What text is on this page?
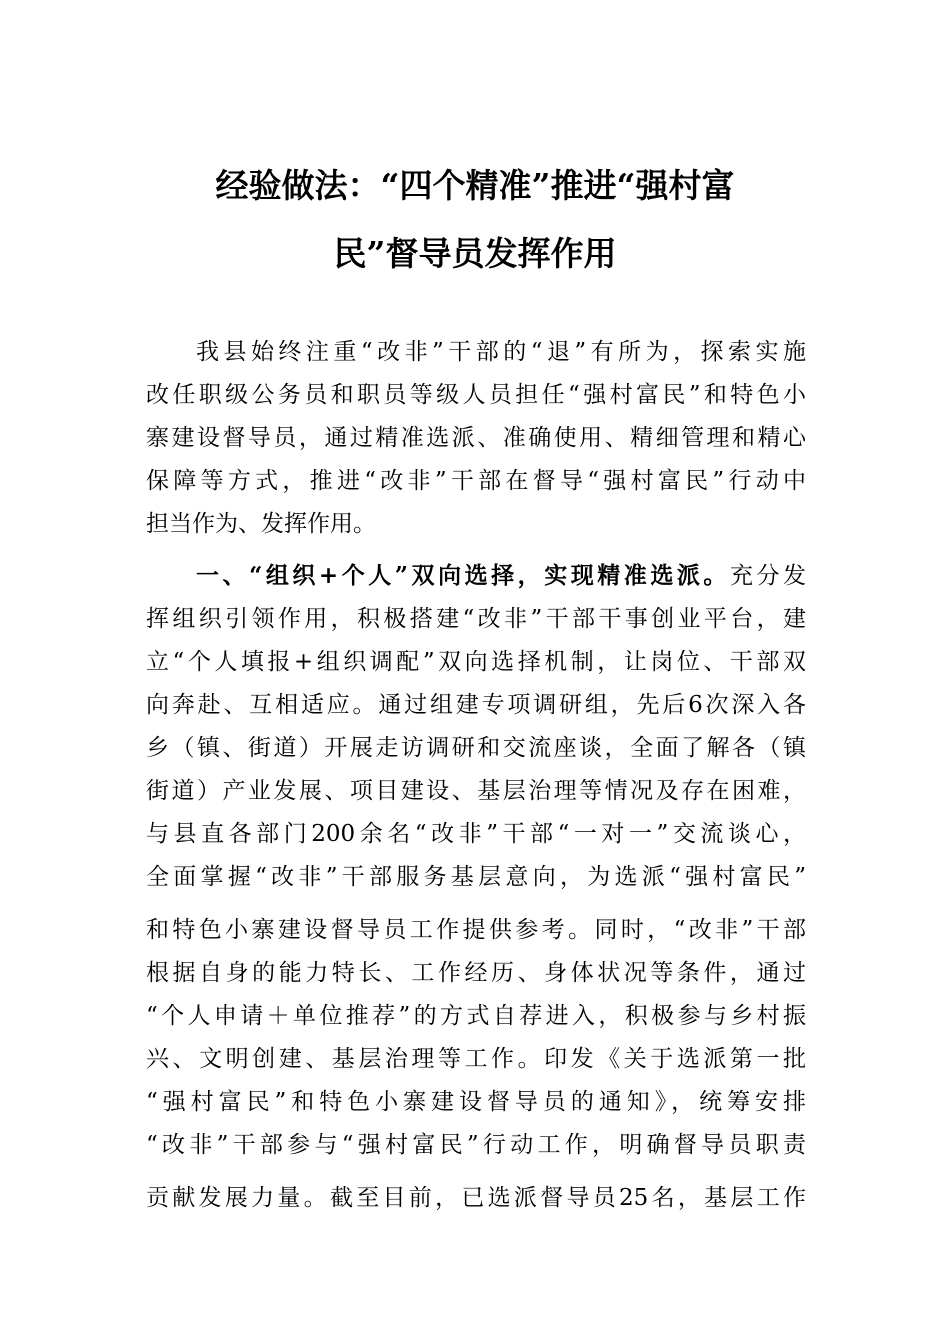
经验做法：“四个精准”推进“强村富
民”督导员发挥作用
我县始终注重“改非”干部的“退”有所为，探索实施
改任职级公务员和职员等级人员担任“强村富民”和特色小
寨建设督导员，通过精准选派、准确使用、精细管理和精心
保障等方式，推进“改非”干部在督导“强村富民”行动中
担当作为、发挥作用。
一、“组织+个人”双向选择，实现精准选派。充分发
挥组织引领作用，积极搭建“改非”干部干事创业平台，建
立“个人填报+组织调配”双向选择机制，让岗位、干部双
向奔赴、互相适应。通过组建专项调研组，先后6次深入各
乡（镇、街道）开展走访调研和交流座谈，全面了解各（镇
街道）产业发展、项目建设、基层治理等情况及存在困难，
与县直各部门200余名“改非”干部“一对一”交流谈心，
全面掌握“改非”干部服务基层意向，为选派“强村富民”
和特色小寨建设督导员工作提供参考。同时，“改非”干部
根据自身的能力特长、工作经历、身体状况等条件，通过
“个人申请＋单位推荐”的方式自荐进入，积极参与乡村振
兴、文明创建、基层治理等工作。印发《关于选派第一批
“强村富民”和特色小寨建设督导员的通知》，统筹安排
“改非”干部参与“强村富民”行动工作，明确督导员职责
贡献发展力量。截至目前，已选派督导员25名，基层工作
